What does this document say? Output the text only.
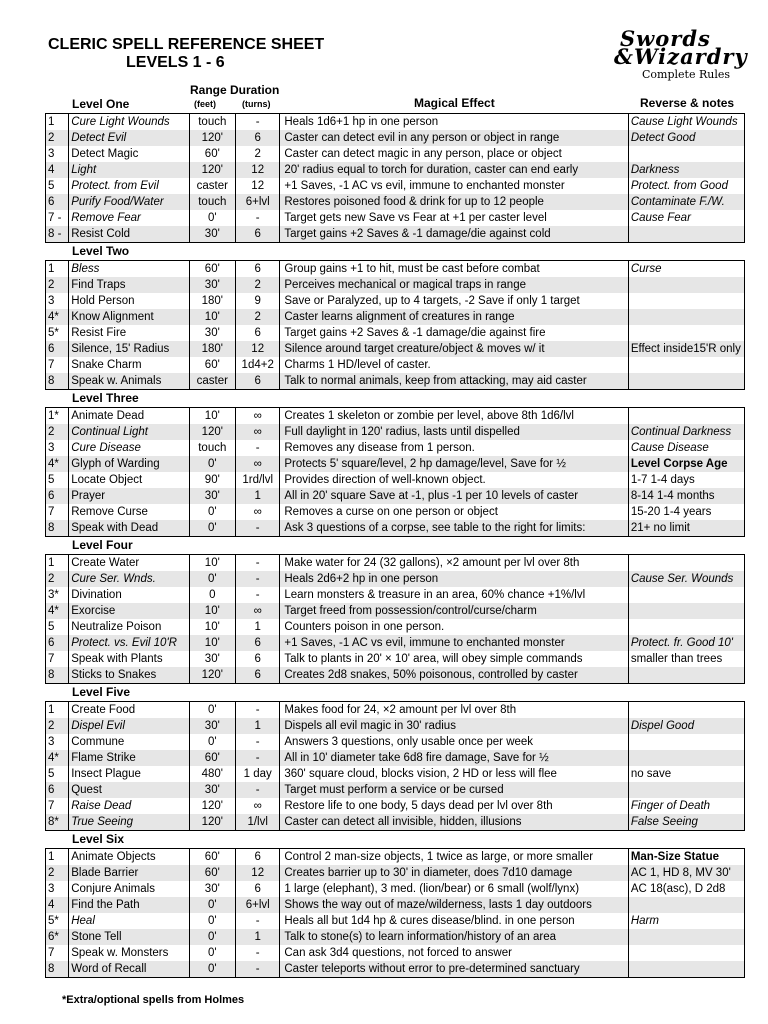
CLERIC SPELL REFERENCE SHEET
LEVELS 1 - 6
Swords
&Wizardry
Complete Rules
Range Duration
(feet)	(turns)	Magical Effect	Reverse & notes
Level One
1	Cure Light Wounds	touch	-	Heals 1d6+1 hp in one person	Cause Light Wounds
2	Detect Evil	120'	6	Caster can detect evil in any person or object in range	Detect Good
3	Detect Magic	60'	2	Caster can detect magic in any person, place or object	
4	Light	120'	12	20' radius equal to torch for duration, caster can end early	Darkness
5	Protect. from Evil	caster	12	+1 Saves, -1 AC vs evil, immune to enchanted monster	Protect. from Good
6	Purify Food/Water	touch	6+lvl	Restores poisoned food & drink for up to 12 people	Contaminate F./W.
7 -	Remove Fear	0'	-	Target gets new Save vs Fear at +1 per caster level	Cause Fear
8 -	Resist Cold	30'	6	Target gains +2 Saves & -1 damage/die against cold	
Level Two
1	Bless	60'	6	Group gains +1 to hit, must be cast before combat	Curse
2	Find Traps	30'	2	Perceives mechanical or magical traps in range	
3	Hold Person	180'	9	Save or Paralyzed, up to 4 targets, -2 Save if only 1 target	
4*	Know Alignment	10'	2	Caster learns alignment of creatures in range	
5*	Resist Fire	30'	6	Target gains +2 Saves & -1 damage/die against fire	
6	Silence, 15' Radius	180'	12	Silence around target creature/object & moves w/ it	Effect inside15'R only
7	Snake Charm	60'	1d4+2	Charms 1 HD/level of caster.	
8	Speak w. Animals	caster	6	Talk to normal animals, keep from attacking, may aid caster	
Level Three
1*	Animate Dead	10'	∞	Creates 1 skeleton or zombie per level, above 8th 1d6/lvl	
2	Continual Light	120'	∞	Full daylight in 120' radius, lasts until dispelled	Continual Darkness
3	Cure Disease	touch	-	Removes any disease from 1 person.	Cause Disease
4*	Glyph of Warding	0'	∞	Protects 5' square/level, 2 hp damage/level, Save for ½	Level Corpse Age
5	Locate Object	90'	1rd/lvl	Provides direction of well-known object.	1-7 1-4 days
6	Prayer	30'	1	All in 20' square Save at -1, plus -1 per 10 levels of caster	8-14 1-4 months
7	Remove Curse	0'	∞	Removes a curse on one person or object	15-20 1-4 years
8	Speak with Dead	0'	-	Ask 3 questions of a corpse, see table to the right for limits:	21+ no limit
Level Four
1	Create Water	10'	-	Make water for 24 (32 gallons), ×2 amount per lvl over 8th	
2	Cure Ser. Wnds.	0'	-	Heals 2d6+2 hp in one person	Cause Ser. Wounds
3*	Divination	0	-	Learn monsters & treasure in an area, 60% chance +1%/lvl	
4*	Exorcise	10'	∞	Target freed from possession/control/curse/charm	
5	Neutralize Poison	10'	1	Counters poison in one person.	
6	Protect. vs. Evil 10'R	10'	6	+1 Saves, -1 AC vs evil, immune to enchanted monster	Protect. fr. Good 10'
7	Speak with Plants	30'	6	Talk to plants in 20' × 10' area, will obey simple commands	smaller than trees
8	Sticks to Snakes	120'	6	Creates 2d8 snakes, 50% poisonous, controlled by caster	
Level Five
1	Create Food	0'	-	Makes food for 24, ×2 amount per lvl over 8th	
2	Dispel Evil	30'	1	Dispels all evil magic in 30' radius	Dispel Good
3	Commune	0'	-	Answers 3 questions, only usable once per week	
4*	Flame Strike	60'	-	All in 10' diameter take 6d8 fire damage, Save for ½	
5	Insect Plague	480'	1 day	360' square cloud, blocks vision, 2 HD or less will flee	no save
6	Quest	30'	-	Target must perform a service or be cursed	
7	Raise Dead	120'	∞	Restore life to one body, 5 days dead per lvl over 8th	Finger of Death
8*	True Seeing	120'	1/lvl	Caster can detect all invisible, hidden, illusions	False Seeing
Level Six
1	Animate Objects	60'	6	Control 2 man-size objects, 1 twice as large, or more smaller	Man-Size Statue
2	Blade Barrier	60'	12	Creates barrier up to 30' in diameter, does 7d10 damage	AC 1, HD 8, MV 30'
3	Conjure Animals	30'	6	1 large (elephant), 3 med. (lion/bear) or 6 small (wolf/lynx)	AC 18(asc), D 2d8
4	Find the Path	0'	6+lvl	Shows the way out of maze/wilderness, lasts 1 day outdoors	
5*	Heal	0'	-	Heals all but 1d4 hp & cures disease/blind. in one person	Harm
6*	Stone Tell	0'	1	Talk to stone(s) to learn information/history of an area	
7	Speak w. Monsters	0'	-	Can ask 3d4 questions, not forced to answer	
8	Word of Recall	0'	-	Caster teleports without error to pre-determined sanctuary	
*Extra/optional spells from Holmes
